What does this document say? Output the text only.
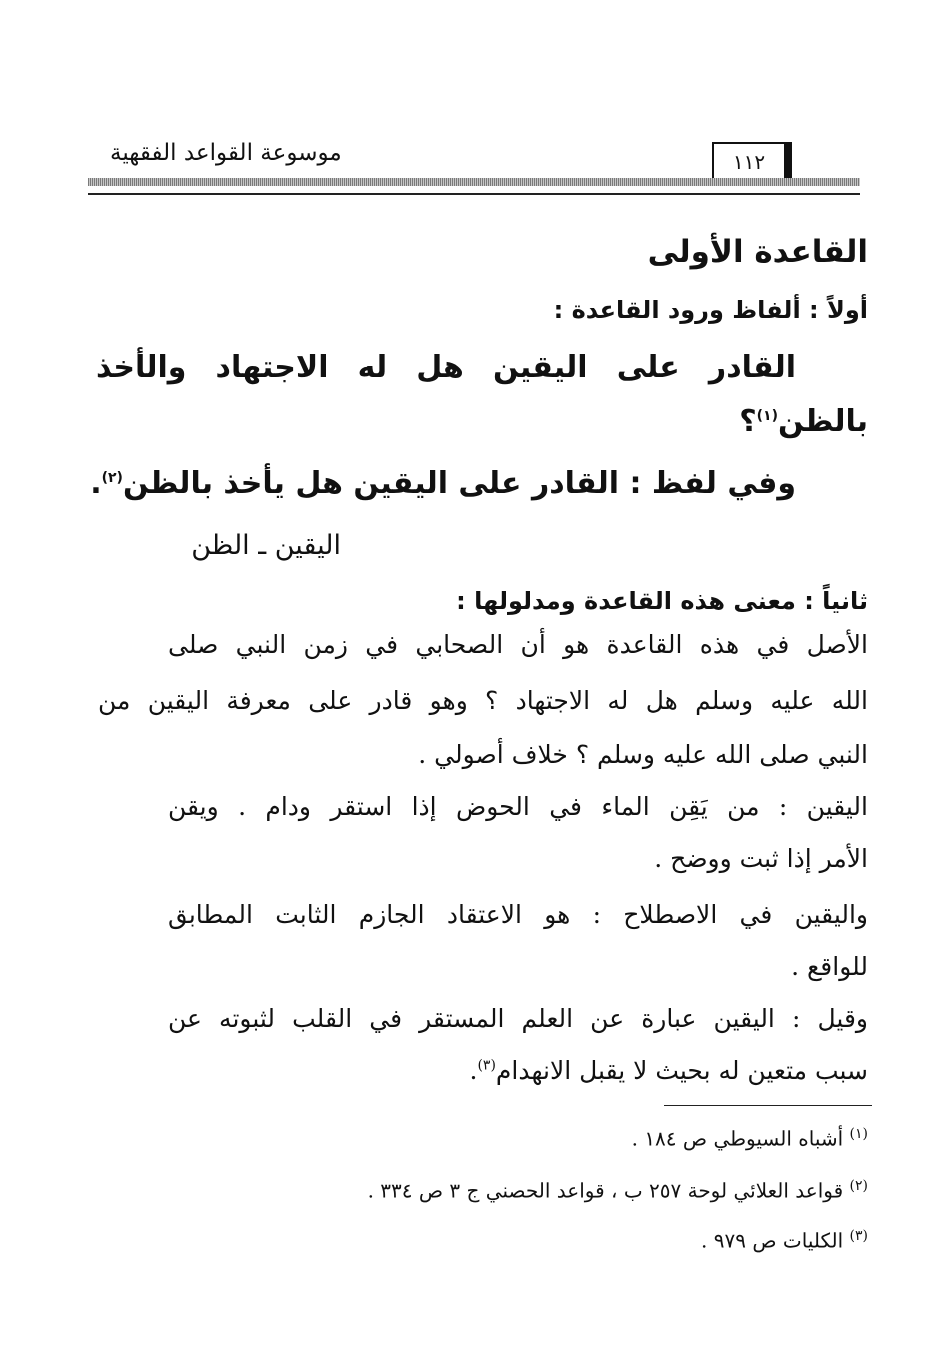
موسوعة القواعد الفقهية	١١٢
القاعدة الأولى
أولاً : ألفاظ ورود القاعدة :
القادر على اليقين هل له الاجتهاد والأخذ
بالظن$^{(١)}$؟
وفي لفظ : القادر على اليقين هل يأخذ بالظن$^{(٢)}$.
اليقين ـ الظن
ثانياً : معنى هذه القاعدة ومدلولها :
الأصل في هذه القاعدة هو أن الصحابي في زمن النبي صلى
الله عليه وسلم هل له الاجتهاد ؟ وهو قادر على معرفة اليقين من
النبي صلى الله عليه وسلم ؟ خلاف أصولي .
اليقين : من يَقِن الماء في الحوض إذا استقر ودام . ويقن
الأمر إذا ثبت ووضح .
واليقين في الاصطلاح : هو الاعتقاد الجازم الثابت المطابق
للواقع .
وقيل : اليقين عبارة عن العلم المستقر في القلب لثبوته عن
سبب متعين له بحيث لا يقبل الانهدام$^{(٣)}$.
$^{(١)}$ أشباه السيوطي ص ١٨٤ .
$^{(٢)}$ قواعد العلائي لوحة ٢٥٧ ب ، قواعد الحصني ج ٣ ص ٣٣٤ .
$^{(٣)}$ الكليات ص ٩٧٩ .
